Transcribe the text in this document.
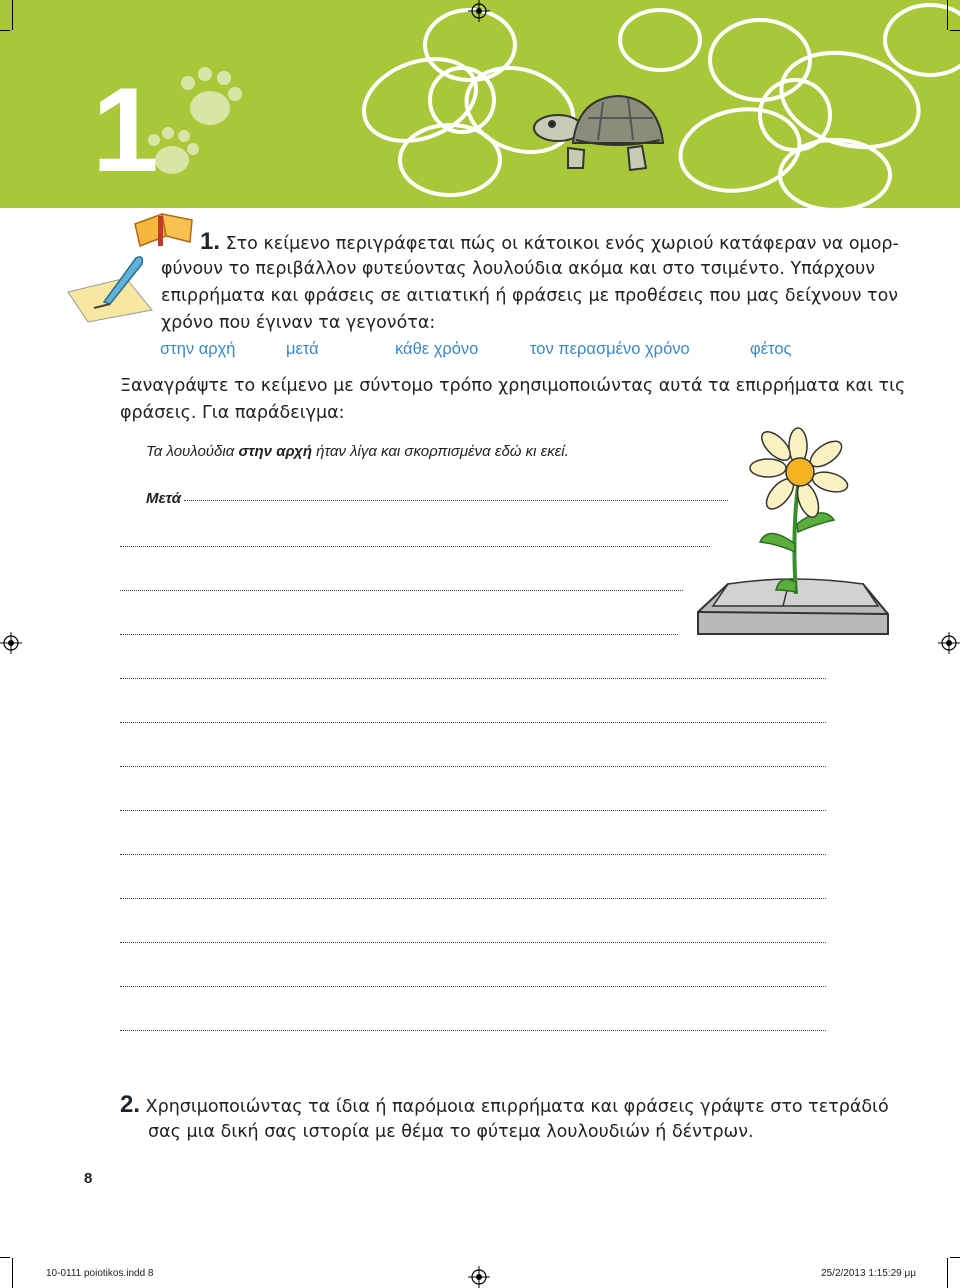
1
1. Στο κείμενο περιγράφεται πώς οι κάτοικοι ενός χωριού κατάφεραν να ομορ-
φύνουν το περιβάλλον φυτεύοντας λουλούδια ακόμα και στο τσιμέντο. Υπάρχουν
επιρρήματα και φράσεις σε αιτιατική ή φράσεις με προθέσεις που μας δείχνουν τον
χρόνο που έγιναν τα γεγονότα:
στην αρχή	μετά	κάθε χρόνο	τον περασμένο χρόνο	φέτος
Ξαναγράψτε το κείμενο με σύντομο τρόπο χρησιμοποιώντας αυτά τα επιρρήματα και τις
φράσεις. Για παράδειγμα:
Τα λουλούδια στην αρχή ήταν λίγα και σκορπισμένα εδώ κι εκεί.
Μετά
2. Χρησιμοποιώντας τα ίδια ή παρόμοια επιρρήματα και φράσεις γράψτε στο τετράδιό
σας μια δική σας ιστορία με θέμα το φύτεμα λουλουδιών ή δέντρων.
8
10-0111 poiotikos.indd 8	25/2/2013 1:15:29 μμ
